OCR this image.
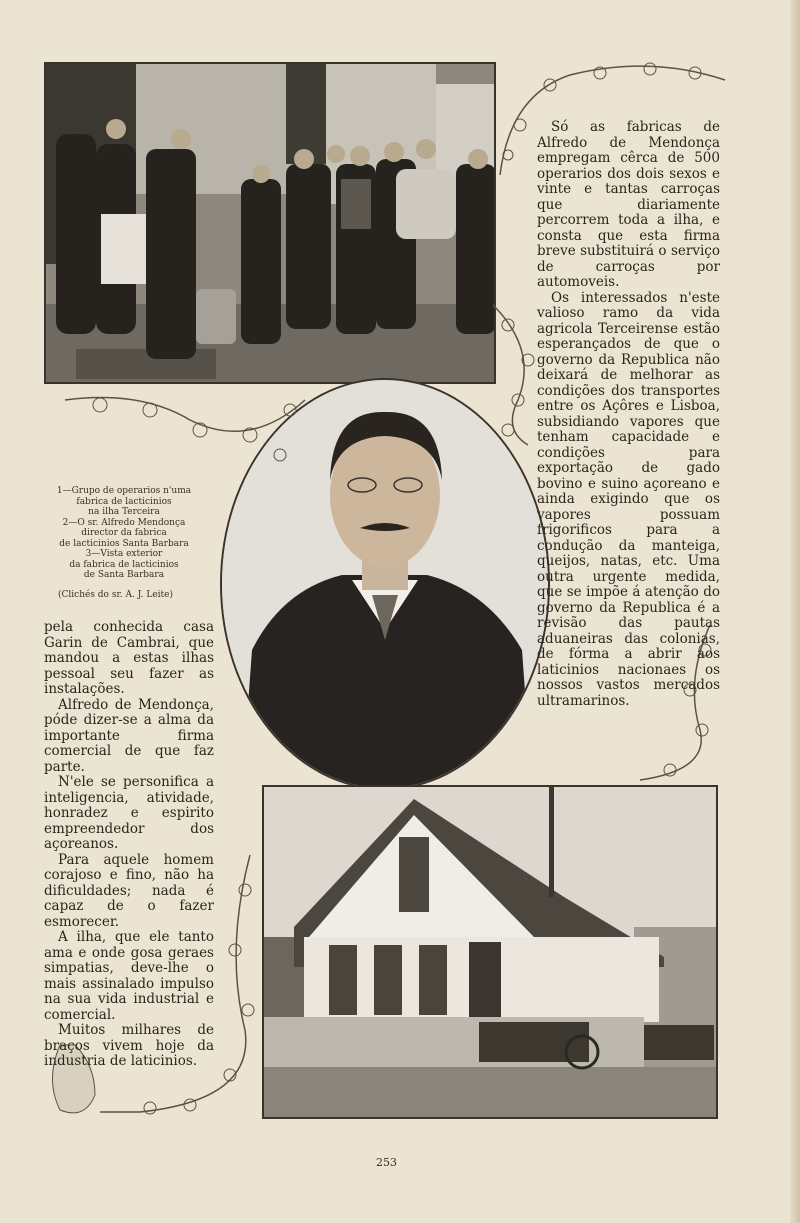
1—Grupo de operarios n'uma
fabrica de lacticinios
na ilha Terceira
2—O sr. Alfredo Mendonça
director da fabrica
de lacticinios Santa Barbara
3—Vista exterior
da fabrica de lacticinios
de Santa Barbara
(Clichés do sr. A. J. Leite)

Só as fabricas de Alfredo de Mendonça empregam cêrca de 500 operarios dos dois sexos e vinte e tantas carroças que diariamente percorrem toda a ilha, e consta que esta firma breve substituirá o serviço de carroças por automoveis.

Os interessados n'este valioso ramo da vida agricola Terceirense estão esperançados de que o governo da Republica não deixará de melhorar as condições dos transportes entre os Açôres e Lisboa, subsidiando vapores que tenham capacidade e condições para exportação de gado bovino e suino açoreano e ainda exigindo que os vapores possuam frigorificos para a condução da manteiga, queijos, natas, etc. Uma outra urgente medida, que se impõe á atenção do governo da Republica é a revisão das pautas aduaneiras das colonias, de fórma a abrir aos laticinios nacionaes os nossos vastos mercados ultramarinos.

pela conhecida casa Garin de Cambrai, que mandou a estas ilhas pessoal seu fazer as instalações.

Alfredo de Mendonça, póde dizer-se a alma da importante firma comercial de que faz parte.

N'ele se personifica a inteligencia, atividade, honradez e espirito empreendedor dos açoreanos.

Para aquele homem corajoso e fino, não ha dificuldades; nada é capaz de o fazer esmorecer.

A ilha, que ele tanto ama e onde gosa geraes simpatias, deve-lhe o mais assinalado impulso na sua vida industrial e comercial.

Muitos milhares de braços vivem hoje da industria de laticinios.

253
